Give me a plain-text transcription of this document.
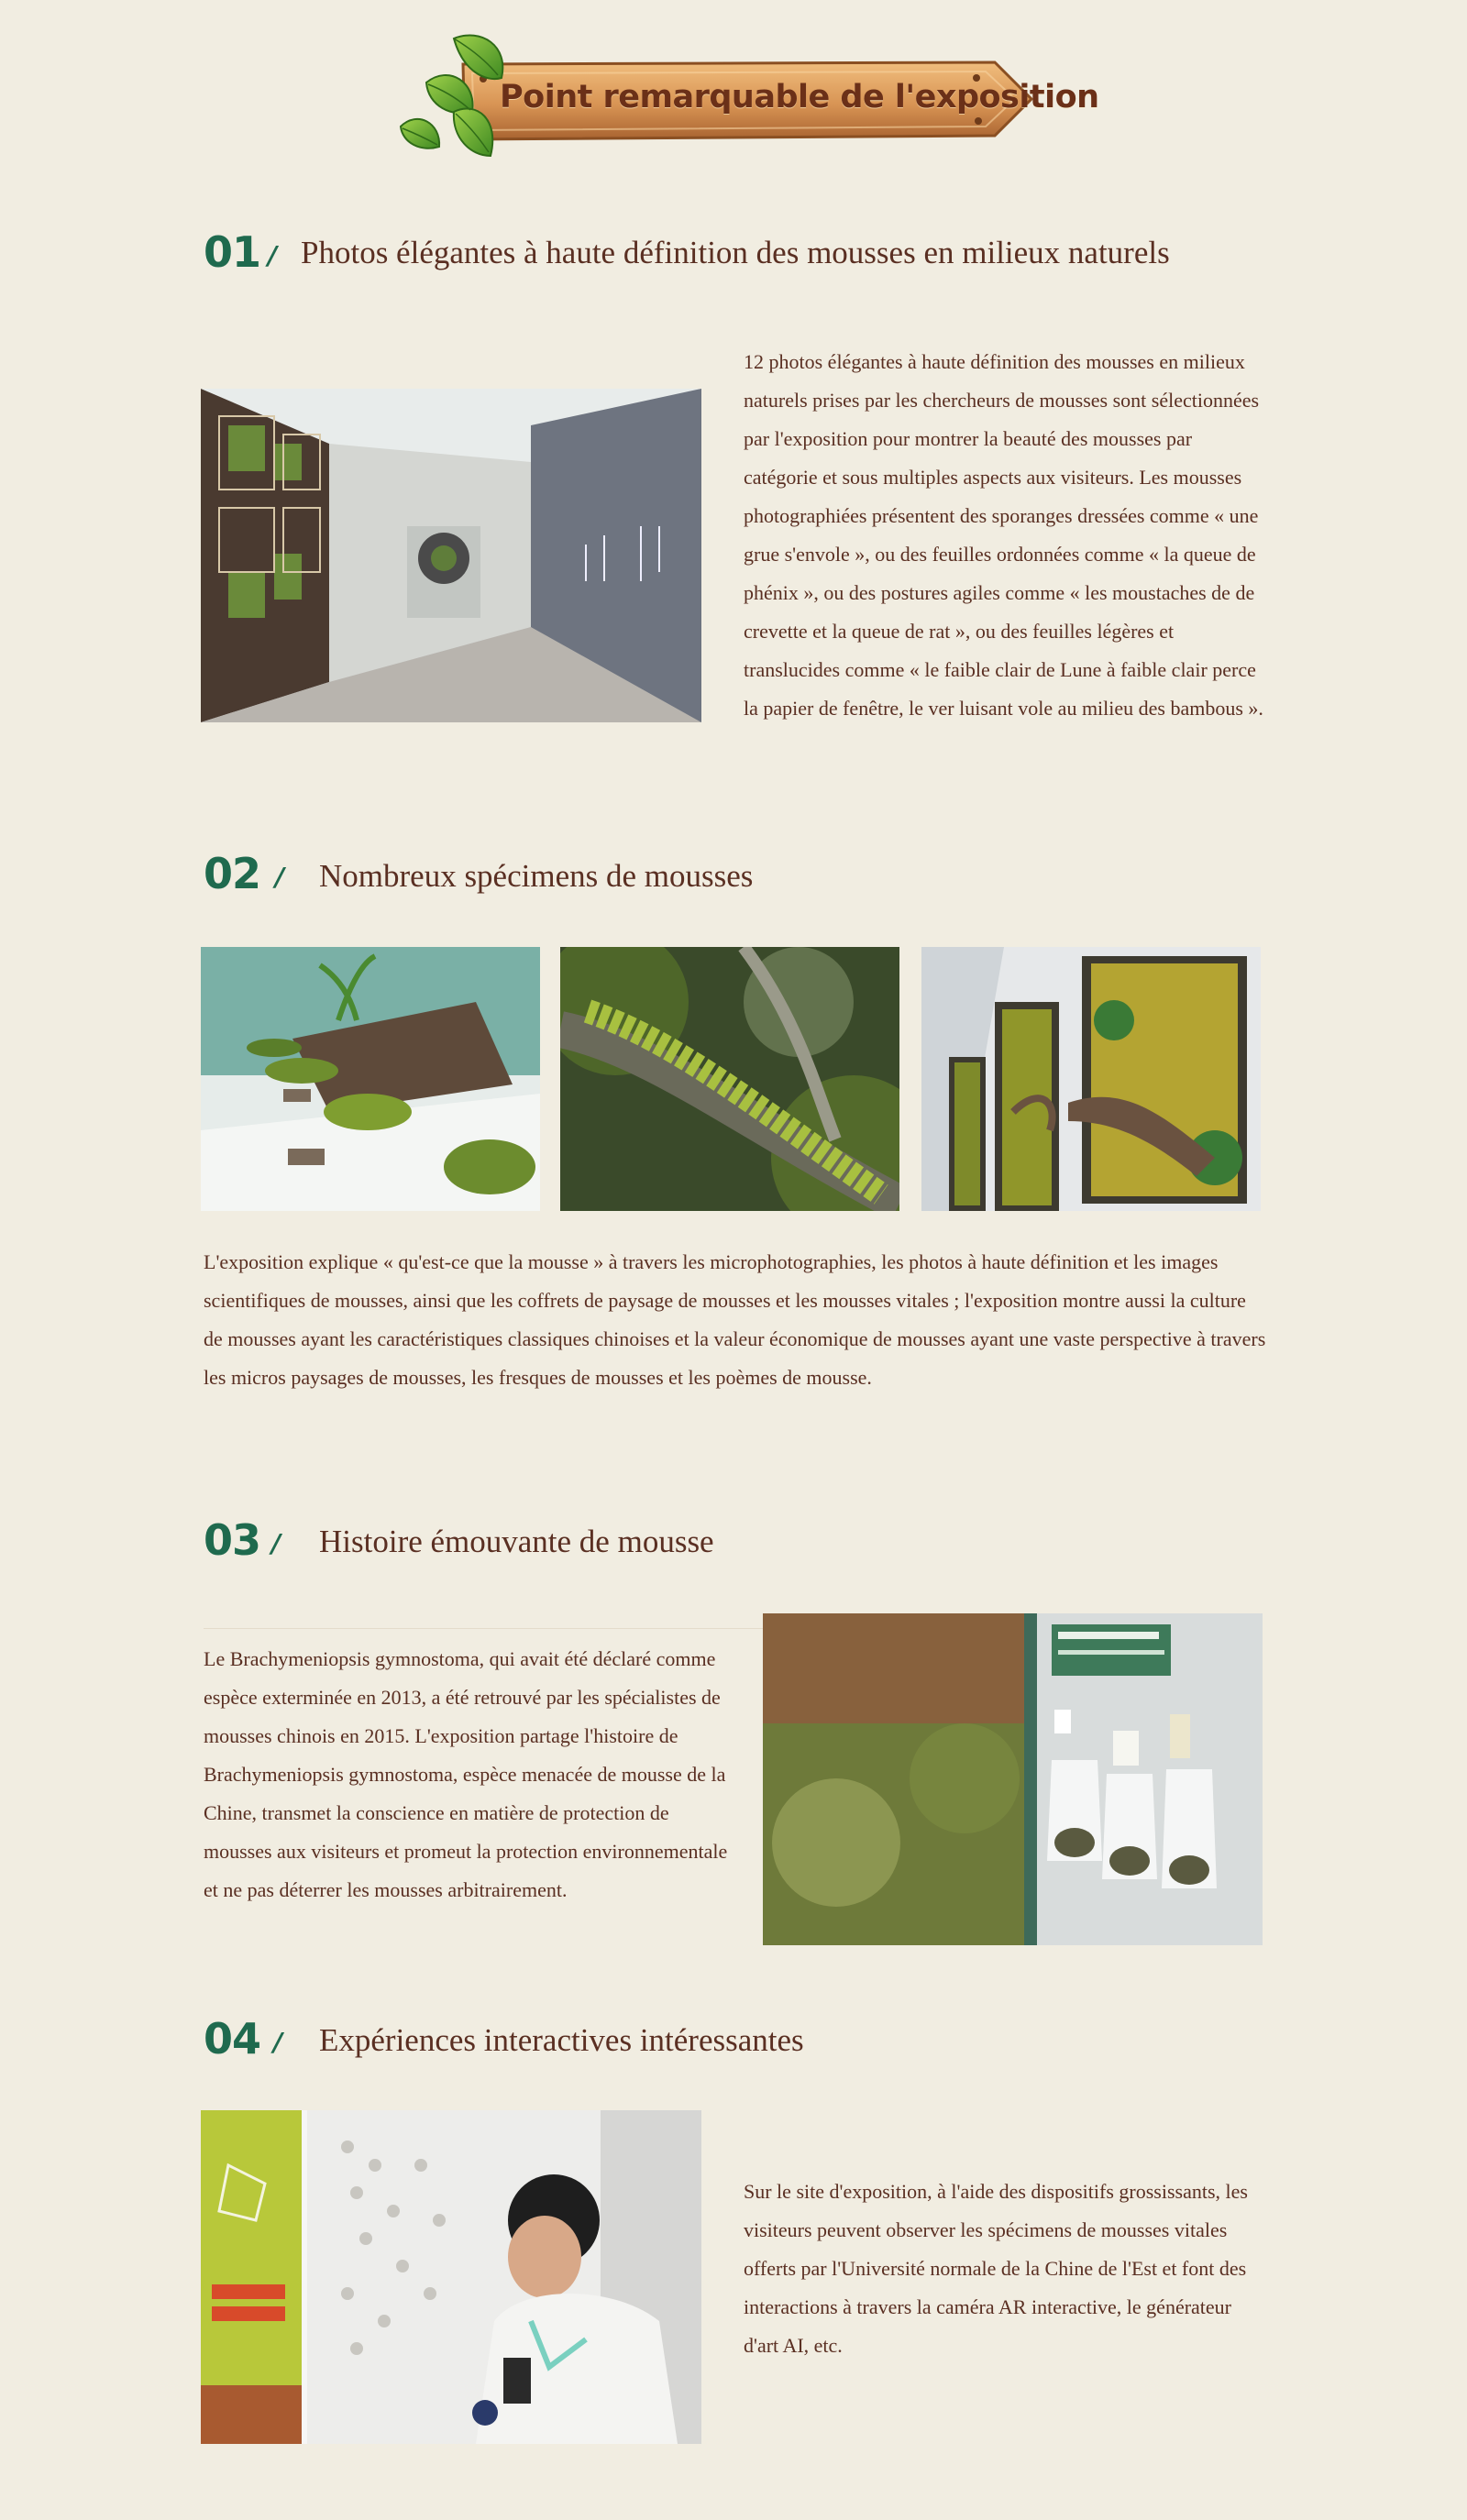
Point remarquable de l'exposition
01 / Photos élégantes à haute définition des mousses en milieux naturels
12 photos élégantes à haute définition des mousses en milieux naturels prises par les chercheurs de mousses sont sélectionnées par l'exposition pour montrer la beauté des mousses par catégorie et sous multiples aspects aux visiteurs. Les mousses photographiées présentent des sporanges dressées comme « une grue s'envole », ou des feuilles ordonnées comme « la queue de phénix », ou des postures agiles comme « les moustaches de de crevette et la queue de rat », ou des feuilles légères et translucides comme « le faible clair de Lune à faible clair perce la papier de fenêtre, le ver luisant vole au milieu des bambous ».
02 / Nombreux spécimens de mousses
L'exposition explique « qu'est-ce que la mousse » à travers les microphotographies, les photos à haute définition et les images scientifiques de mousses, ainsi que les coffrets de paysage de mousses et les mousses vitales ; l'exposition montre aussi la culture de mousses ayant les caractéristiques classiques chinoises et la valeur économique de mousses ayant une vaste perspective à travers les micros paysages de mousses, les fresques de mousses et les poèmes de mousse.
03 / Histoire émouvante de mousse
Le Brachymeniopsis gymnostoma, qui avait été déclaré comme espèce exterminée en 2013, a été retrouvé par les spécialistes de mousses chinois en 2015. L'exposition partage l'histoire de Brachymeniopsis gymnostoma, espèce menacée de mousse de la Chine, transmet la conscience en matière de protection de mousses aux visiteurs et promeut la protection environnementale et ne pas déterrer les mousses arbitrairement.
04 / Expériences interactives intéressantes
Sur le site d'exposition, à l'aide des dispositifs grossissants, les visiteurs peuvent observer les spécimens de mousses vitales offerts par l'Université normale de la Chine de l'Est et font des interactions à travers la caméra AR interactive, le générateur d'art AI, etc.
